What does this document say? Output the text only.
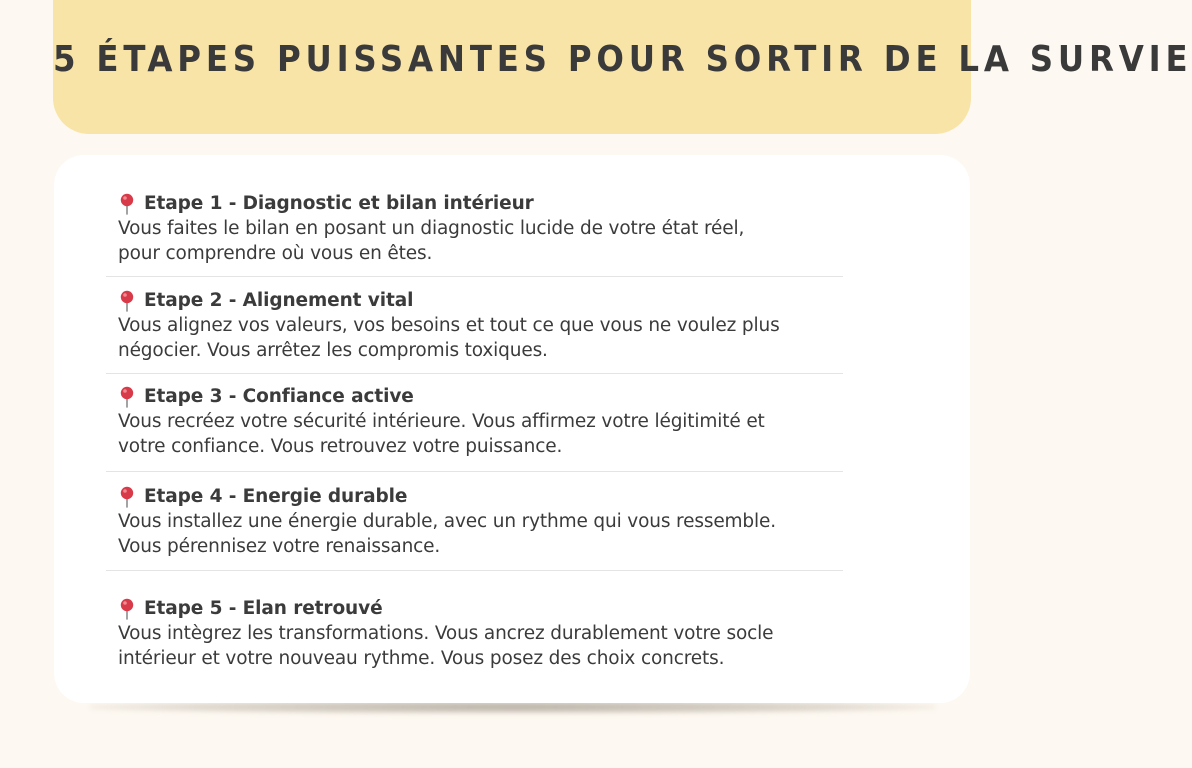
5 ÉTAPES PUISSANTES POUR SORTIR DE LA SURVIE
Etape 1 - Diagnostic et bilan intérieur

Vous faites le bilan en posant un diagnostic lucide de votre état réel,
pour comprendre où vous en êtes.

Etape 2 - Alignement vital

Vous alignez vos valeurs, vos besoins et tout ce que vous ne voulez plus
négocier. Vous arrêtez les compromis toxiques.

Etape 3 - Confiance active

Vous recréez votre sécurité intérieure. Vous affirmez votre légitimité et
votre confiance. Vous retrouvez votre puissance.

Etape 4 - Energie durable

Vous installez une énergie durable, avec un rythme qui vous ressemble.
Vous pérennisez votre renaissance.

Etape 5 - Elan retrouvé

Vous intègrez les transformations. Vous ancrez durablement votre socle
intérieur et votre nouveau rythme. Vous posez des choix concrets.
